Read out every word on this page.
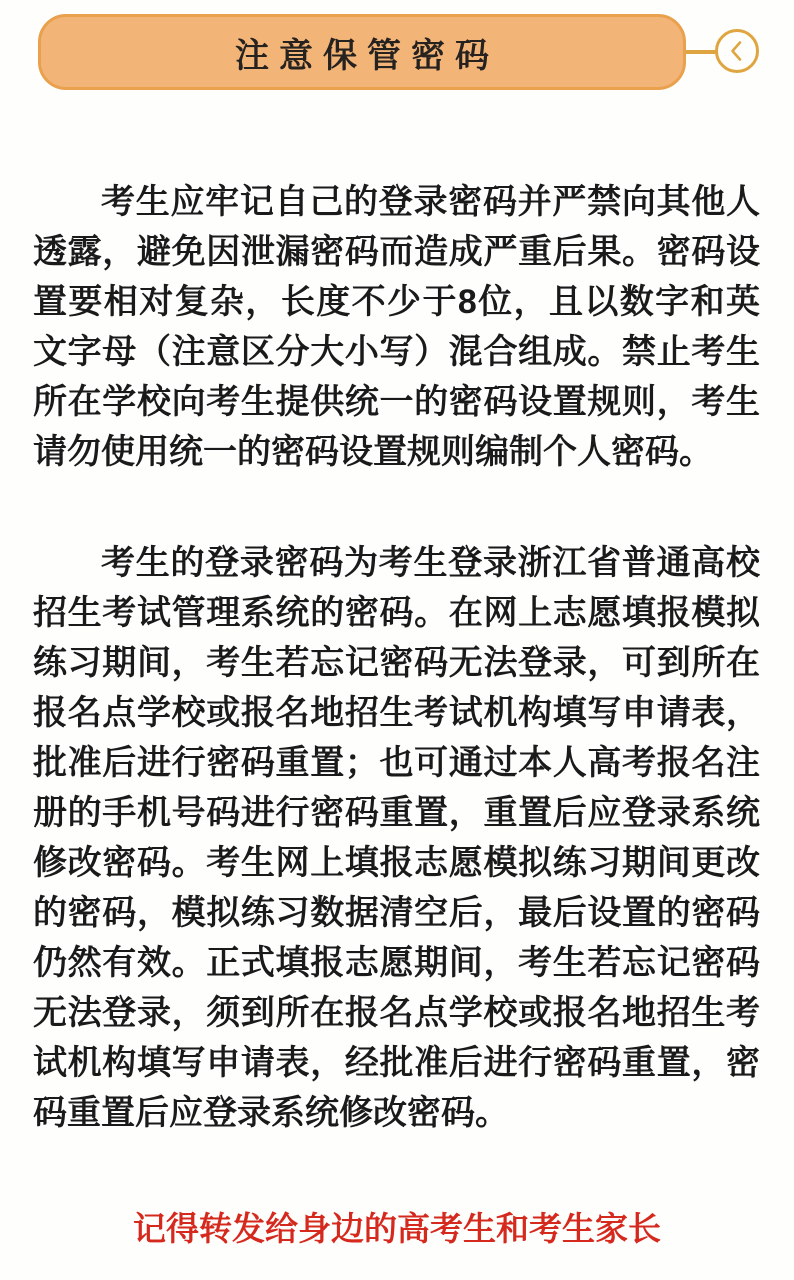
注意保管密码

考生应牢记自己的登录密码并严禁向其他人透露，避免因泄漏密码而造成严重后果。密码设置要相对复杂，长度不少于8位，且以数字和英文字母（注意区分大小写）混合组成。禁止考生所在学校向考生提供统一的密码设置规则，考生请勿使用统一的密码设置规则编制个人密码。

考生的登录密码为考生登录浙江省普通高校招生考试管理系统的密码。在网上志愿填报模拟练习期间，考生若忘记密码无法登录，可到所在报名点学校或报名地招生考试机构填写申请表，批准后进行密码重置；也可通过本人高考报名注册的手机号码进行密码重置，重置后应登录系统修改密码。考生网上填报志愿模拟练习期间更改的密码，模拟练习数据清空后，最后设置的密码仍然有效。正式填报志愿期间，考生若忘记密码无法登录，须到所在报名点学校或报名地招生考试机构填写申请表，经批准后进行密码重置，密码重置后应登录系统修改密码。

记得转发给身边的高考生和考生家长
